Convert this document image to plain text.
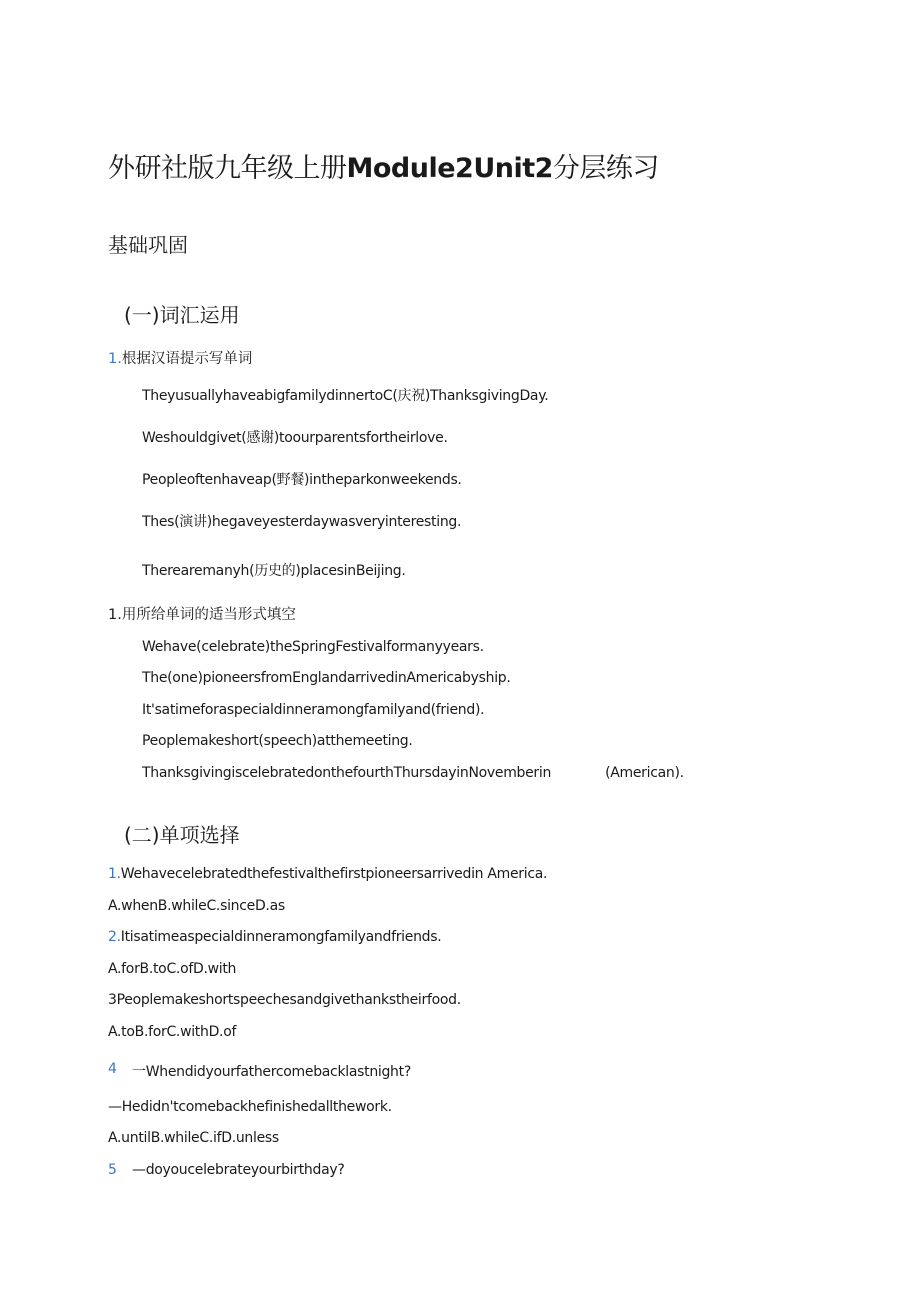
外研社版九年级上册Module2Unit2分层练习
基础巩固
(一)词汇运用
1.根据汉语提示写单词
TheyusuallyhaveabigfamilydinnertoC(庆祝)ThanksgivingDay.
Weshouldgivet(感谢)toourparentsfortheirlove.
Peopleoftenhaveap(野餐)intheparkonweekends.
Thes(演讲)hegaveyesterdaywasveryinteresting.
Therearemanyh(历史的)placesinBeijing.
1.用所给单词的适当形式填空
Wehave(celebrate)theSpringFestivalformanyyears.
The(one)pioneersfromEnglandarrivedinAmericabyship.
It'satimeforaspecialdinneramongfamilyand(friend).
Peoplemakeshort(speech)atthemeeting.
ThanksgivingiscelebratedonthefourthThursdayinNovemberin	(American).
(二)单项选择
1.Wehavecelebratedthefestivalthefirstpioneersarrivedin America.
A.whenB.whileC.sinceD.as
2.Itisatimeaspecialdinneramongfamilyandfriends.
A.forB.toC.ofD.with
3Peoplemakeshortspeechesandgivethankstheirfood.
A.toB.forC.withD.of
4 一Whendidyourfathercomebacklastnight?
—Hedidn'tcomebackhefinishedallthework.
A.untilB.whileC.ifD.unless
5 —doyoucelebrateyourbirthday?
